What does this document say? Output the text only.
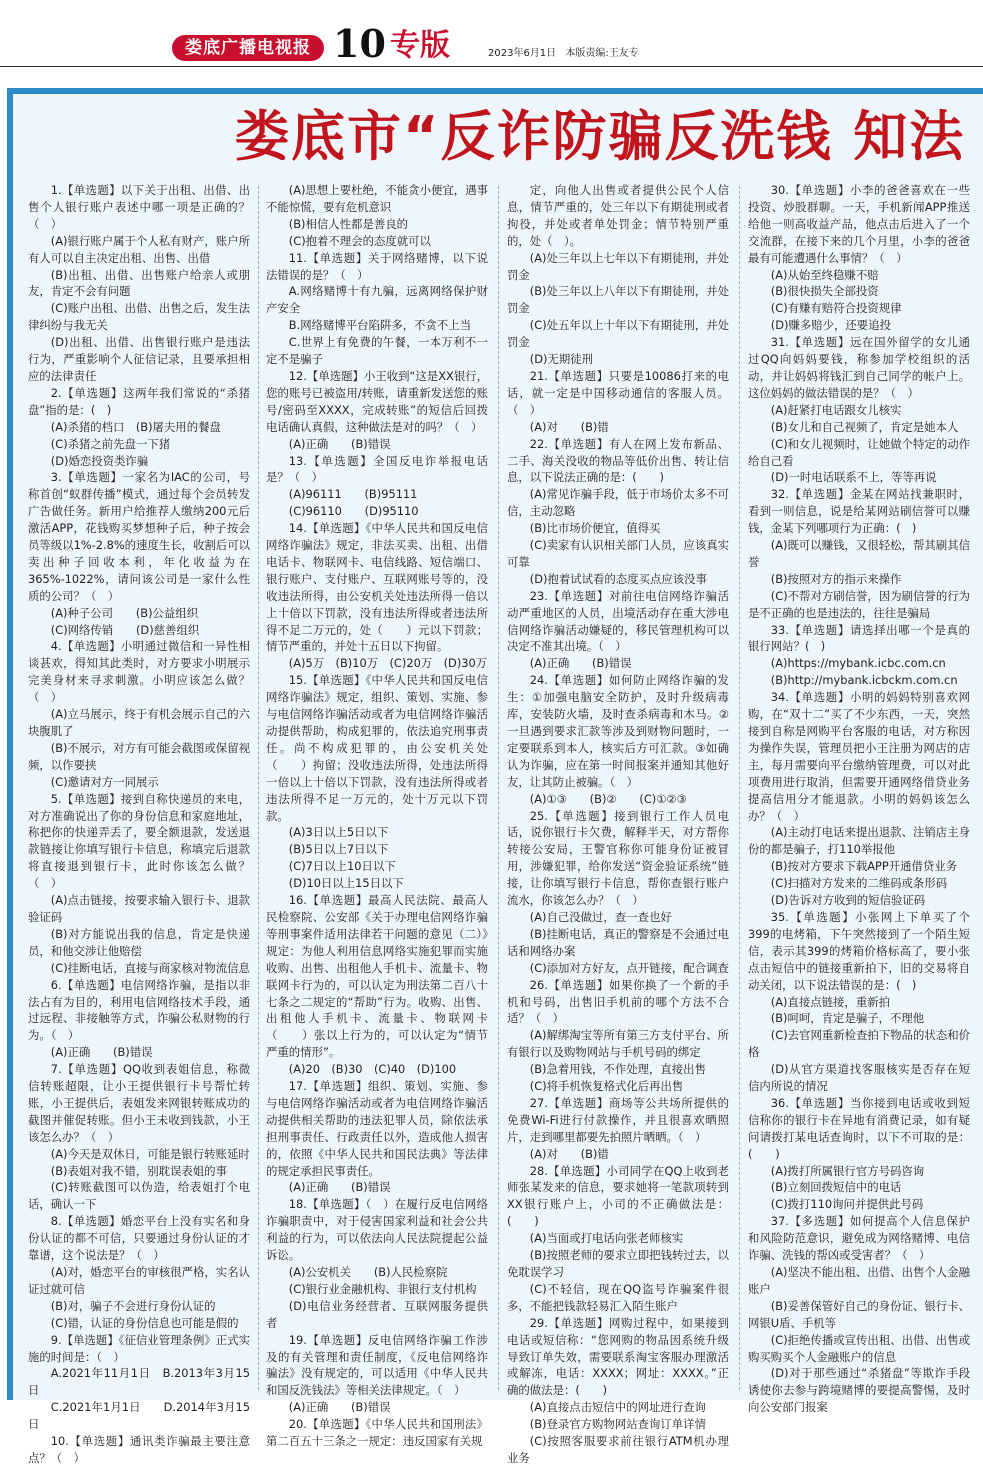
娄底广播电视报 10 专版	2023年6月1日 本版责编:王友专
娄底市“反诈防骗反洗钱 知法

1.【单选题】以下关于出租、出借、出售个人银行账户表述中哪一项是正确的？（　）

(A)银行账户属于个人私有财产，账户所有人可以自主决定出租、出售、出借

(B)出租、出借、出售账户给亲人或朋友，肯定不会有问题

(C)账户出租、出借、出售之后，发生法律纠纷与我无关

(D)出租、出借、出售银行账户是违法行为，严重影响个人征信记录，且要承担相应的法律责任

2.【单选题】这两年我们常说的“杀猪盘”指的是：(　)

(A)杀猪的档口　(B)屠夫用的餐盘

(C)杀猪之前先盘一下猪

(D)婚恋投资类诈骗

3.【单选题】一家名为IAC的公司，号称首创“蚁群传播”模式，通过每个会员转发广告做任务。新用户给推荐人缴纳200元后激活APP，花钱购买梦想种子后，种子按会员等级以1%-2.8%的速度生长，收割后可以卖出种子回收本利，年化收益为在365%-1022%，请问该公司是一家什么性质的公司？（　）

(A)种子公司　　(B)公益组织

(C)网络传销　　(D)慈善组织

4.【单选题】小明通过微信和一异性相谈甚欢，得知其此类时，对方要求小明展示完美身材来寻求刺激。小明应该怎么做？（　）

(A)立马展示，终于有机会展示自己的六块腹肌了

(B)不展示，对方有可能会截图或保留视频，以作要挟

(C)邀请对方一同展示

5.【单选题】接到自称快递员的来电，对方准确说出了你的身份信息和家庭地址，称把你的快递弄丢了，要全额退款，发送退款链接让你填写银行卡信息，称填完后退款将直接退到银行卡，此时你该怎么做？（　）

(A)点击链接，按要求输入银行卡、退款验证码

(B)对方能说出我的信息，肯定是快递员，和他交涉让他赔偿

(C)挂断电话，直接与商家核对物流信息

6.【单选题】电信网络诈骗，是指以非法占有为目的，利用电信网络技术手段，通过远程、非接触等方式，诈骗公私财物的行为。（　）

(A)正确　　(B)错误

7.【单选题】QQ收到表姐信息，称微信转账超限，让小王提供银行卡号帮忙转账，小王提供后，表姐发来网银转账成功的截图并催促转账。但小王未收到钱款，小王该怎么办？（　）

(A)今天是双休日，可能是银行转账延时

(B)表姐对我不错，别耽误表姐的事

(C)转账截图可以伪造，给表姐打个电话，确认一下

8.【单选题】婚恋平台上没有实名和身份认证的都不可信，只要通过身份认证的才靠谱，这个说法是？（　）

(A)对，婚恋平台的审核很严格，实名认证过就可信

(B)对，骗子不会进行身份认证的

(C)错，认证的身份信息也可能是假的

9.【单选题】《征信业管理条例》正式实施的时间是：（　）

A.2021年11月1日　B.2013年3月15日

C.2021年1月1日　　D.2014年3月15日

10.【单选题】通讯类诈骗最主要注意点？（　）

(A)思想上要杜绝，不能贪小便宜，遇事不能惊慌，要有危机意识

(B)相信人性都是善良的

(C)抱着不理会的态度就可以

11.【单选题】关于网络赌博，以下说法错误的是？（　）

A.网络赌博十有九骗，远离网络保护财产安全

B.网络赌博平台陷阱多，不贪不上当

C.世界上有免费的午餐，一本万利不一定不是骗子

12.【单选题】小王收到“这是XX银行，您的账号已被盗用/转账，请重新发送您的账号/密码至XXXX，完成转账”的短信后回拨电话确认真假，这种做法是对的吗？（　）

(A)正确　　(B)错误

13.【单选题】全国反电诈举报电话是？（　）

(A)96111　　(B)95111

(C)96110　　(D)95110

14.【单选题】《中华人民共和国反电信网络诈骗法》规定，非法买卖、出租、出借电话卡、物联网卡、电信线路、短信端口、银行账户、支付账户、互联网账号等的，没收违法所得，由公安机关处违法所得一倍以上十倍以下罚款，没有违法所得或者违法所得不足二万元的，处（　　）元以下罚款；情节严重的，并处十五日以下拘留。

(A)5万　(B)10万　(C)20万　(D)30万

15.【单选题】《中华人民共和国反电信网络诈骗法》规定，组织、策划、实施、参与电信网络诈骗活动或者为电信网络诈骗活动提供帮助，构成犯罪的，依法追究刑事责任。尚不构成犯罪的，由公安机关处（　　）拘留；没收违法所得，处违法所得一倍以上十倍以下罚款，没有违法所得或者违法所得不足一万元的，处十万元以下罚款。

(A)3日以上5日以下

(B)5日以上7日以下

(C)7日以上10日以下

(D)10日以上15日以下

16.【单选题】最高人民法院、最高人民检察院、公安部《关于办理电信网络诈骗等刑事案件适用法律若干问题的意见（二）》规定：为他人利用信息网络实施犯罪而实施收购、出售、出租他人手机卡、流量卡、物联网卡行为的，可以认定为刑法第二百八十七条之二规定的“帮助”行为。收购、出售、出租他人手机卡、流量卡、物联网卡（　　）张以上行为的，可以认定为“情节严重的情形”。

(A)20　(B)30　(C)40　(D)100

17.【单选题】组织、策划、实施、参与电信网络诈骗活动或者为电信网络诈骗活动提供相关帮助的违法犯罪人员，除依法承担刑事责任、行政责任以外，造成他人损害的，依照《中华人民共和国民法典》等法律的规定承担民事责任。

(A)正确　　(B)错误

18.【单选题】（　）在履行反电信网络诈骗职责中，对于侵害国家利益和社会公共利益的行为，可以依法向人民法院提起公益诉讼。

(A)公安机关　　(B)人民检察院

(C)银行业金融机构、非银行支付机构

(D)电信业务经营者、互联网服务提供者

19.【单选题】反电信网络诈骗工作涉及的有关管理和责任制度，《反电信网络诈骗法》没有规定的，可以适用《中华人民共和国反洗钱法》等相关法律规定。（　）

(A)正确　　(B)错误

20.【单选题】《中华人民共和国刑法》第二百五十三条之一规定：违反国家有关规

定，向他人出售或者提供公民个人信息，情节严重的，处三年以下有期徒刑或者拘役，并处或者单处罚金；情节特别严重的，处（　）。

(A)处三年以上七年以下有期徒刑，并处罚金

(B)处三年以上八年以下有期徒刑，并处罚金

(C)处五年以上十年以下有期徒刑，并处罚金

(D)无期徒刑

21.【单选题】只要是10086打来的电话，就一定是中国移动通信的客服人员。（　）

(A)对　　(B)错

22.【单选题】有人在网上发布新品、二手、海关没收的物品等低价出售、转让信息，以下说法正确的是：(　　)

(A)常见诈骗手段，低于市场价太多不可信，主动忽略

(B)比市场价便宜，值得买

(C)卖家有认识相关部门人员，应该真实可靠

(D)抱着试试看的态度买点应该没事

23.【单选题】对前往电信网络诈骗活动严重地区的人员，出境活动存在重大涉电信网络诈骗活动嫌疑的，移民管理机构可以决定不准其出境。（　）

(A)正确　　(B)错误

24.【单选题】如何防止网络诈骗的发生：①加强电脑安全防护，及时升级病毒库，安装防火墙，及时查杀病毒和木马。②一旦遇到要求汇款等涉及到财物问题时，一定要联系到本人，核实后方可汇款。③如确认为诈骗，应在第一时间报案并通知其他好友，让其防止被骗。（　）

(A)①③　　(B)②　　(C)①②③

25.【单选题】接到银行工作人员电话，说你银行卡欠费，解释半天，对方帮你转接公安局，王警官称你可能身份证被冒用，涉嫌犯罪，给你发送“资金验证系统”链接，让你填写银行卡信息，帮你查银行账户流水，你该怎么办？（　）

(A)自己没做过，查一查也好

(B)挂断电话，真正的警察是不会通过电话和网络办案

(C)添加对方好友，点开链接，配合调查

26.【单选题】如果你换了一个新的手机和号码，出售旧手机前的哪个方法不合适？（　）

(A)解绑淘宝等所有第三方支付平台、所有银行以及购物网站与手机号码的绑定

(B)急着用钱，不作处理，直接出售

(C)将手机恢复格式化后再出售

27.【单选题】商场等公共场所提供的免费Wi-Fi进行付款操作，并且很喜欢晒照片，走到哪里都要先拍照片晒晒。（　）

(A)对　　(B)错

28.【单选题】小司同学在QQ上收到老师张某发来的信息，要求她将一笔款项转到XX银行账户上，小司的不正确做法是：(　　)

(A)当面或打电话向张老师核实

(B)按照老师的要求立即把钱转过去，以免耽误学习

(C)不轻信，现在QQ盗号诈骗案件很多，不能把钱款轻易汇入陌生账户

29.【单选题】网购过程中，如果接到电话或短信称：“您网购的物品因系统升级导致订单失效，需要联系淘宝客服办理激活或解冻，电话：XXXX；网址：XXXX。”正确的做法是：(　　)

(A)直接点击短信中的网址进行查询

(B)登录官方购物网站查询订单详情

(C)按照客服要求前往银行ATM机办理业务

30.【单选题】小李的爸爸喜欢在一些投资、炒股群聊。一天，手机新闻APP推送给他一则高收益产品，他点击后进入了一个交流群，在接下来的几个月里，小李的爸爸最有可能遭遇什么事情？（　）

(A)从始至终稳赚不赔

(B)很快损失全部投资

(C)有赚有赔符合投资规律

(D)赚多赔少，还要追投

31.【单选题】远在国外留学的女儿通过QQ向妈妈要钱，称参加学校组织的活动，并让妈妈将钱汇到自己同学的帐户上。这位妈妈的做法错误的是？（　）

(A)赶紧打电话跟女儿核实

(B)女儿和自己视频了，肯定是她本人

(C)和女儿视频时，让她做个特定的动作给自己看

(D)一时电话联系不上，等等再说

32.【单选题】金某在网站找兼职时，看到一则信息，说是给某网站刷信誉可以赚钱，金某下列哪项行为正确：(　)

(A)既可以赚钱，又很轻松，帮其刷其信誉

(B)按照对方的指示来操作

(C)不帮对方刷信誉，因为刷信誉的行为是不正确的也是违法的，往往是骗局

33.【单选题】请选择出哪一个是真的银行网站？(　)

(A)https://mybank.icbc.com.cn

(B)http://mybank.icbckm.com.cn

34.【单选题】小明的妈妈特别喜欢网购，在“双十二”买了不少东西，一天，突然接到自称是网购平台客服的电话，对方称因为操作失误，管理员把小王注册为网店的店主，每月需要向平台缴纳管理费，可以对此项费用进行取消，但需要开通网络借贷业务提高信用分才能退款。小明的妈妈该怎么办？（　）

(A)主动打电话来提出退款、注销店主身份的都是骗子，打110举报他

(B)按对方要求下载APP开通借贷业务

(C)扫描对方发来的二维码或条形码

(D)告诉对方收到的短信验证码

35.【单选题】小张网上下单买了个399的电烤箱，下午突然接到了一个陌生短信，表示其399的烤箱价格标高了，要小张点击短信中的链接重新拍下，旧的交易将自动关闭，以下说法错误的是：(　)

(A)直接点链接，重新拍

(B)呵呵，肯定是骗子，不理他

(C)去官网重新检查拍下物品的状态和价格

(D)从官方渠道找客服核实是否存在短信内所说的情况

36.【单选题】当你接到电话或收到短信称你的银行卡在异地有消费记录，如有疑问请拨打某电话查询时，以下不可取的是：(　　)

(A)拨打所属银行官方号码咨询

(B)立刻回拨短信中的电话

(C)拨打110询问并提供此号码

37.【多选题】如何提高个人信息保护和风险防范意识，避免成为网络赌博、电信诈骗、洗钱的帮凶或受害者？（　）

(A)坚决不能出租、出借、出售个人金融账户

(B)妥善保管好自己的身份证、银行卡、网银U盾、手机等

(C)拒绝传播或宣传出租、出借、出售或购买购买个人金融账户的信息

(D)对于那些通过“杀猪盘”等欺诈手段诱使你去参与跨境赌博的要提高警惕，及时向公安部门报案
